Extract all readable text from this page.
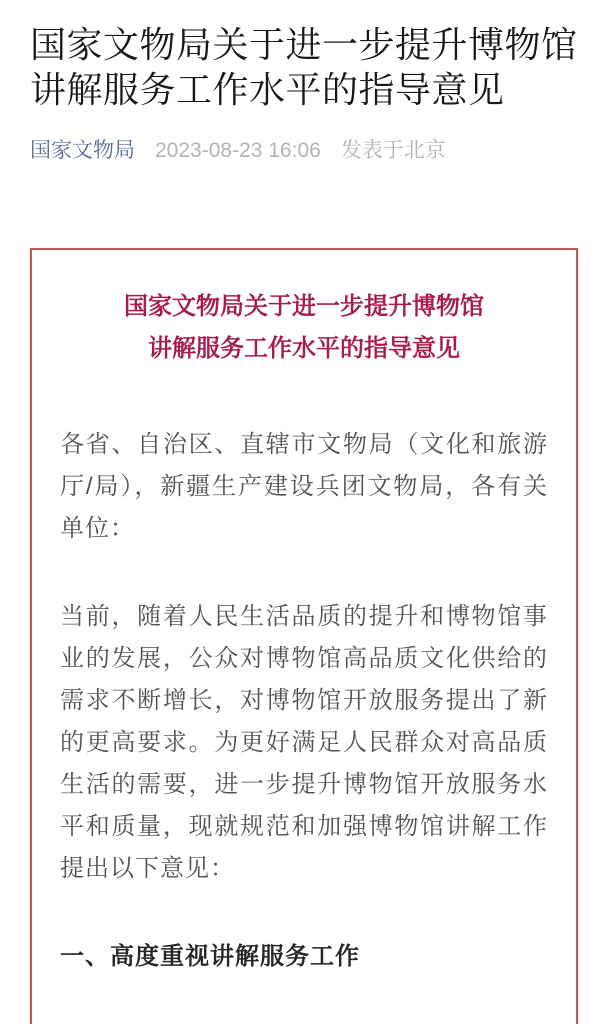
国家文物局关于进一步提升博物馆讲解服务工作水平的指导意见
国家文物局 2023-08-23 16:06 发表于北京
国家文物局关于进一步提升博物馆
讲解服务工作水平的指导意见

各省、自治区、直辖市文物局（文化和旅游厅/局），新疆生产建设兵团文物局，各有关单位：

当前，随着人民生活品质的提升和博物馆事业的发展，公众对博物馆高品质文化供给的需求不断增长，对博物馆开放服务提出了新的更高要求。为更好满足人民群众对高品质生活的需要，进一步提升博物馆开放服务水平和质量，现就规范和加强博物馆讲解工作提出以下意见：

一、高度重视讲解服务工作
